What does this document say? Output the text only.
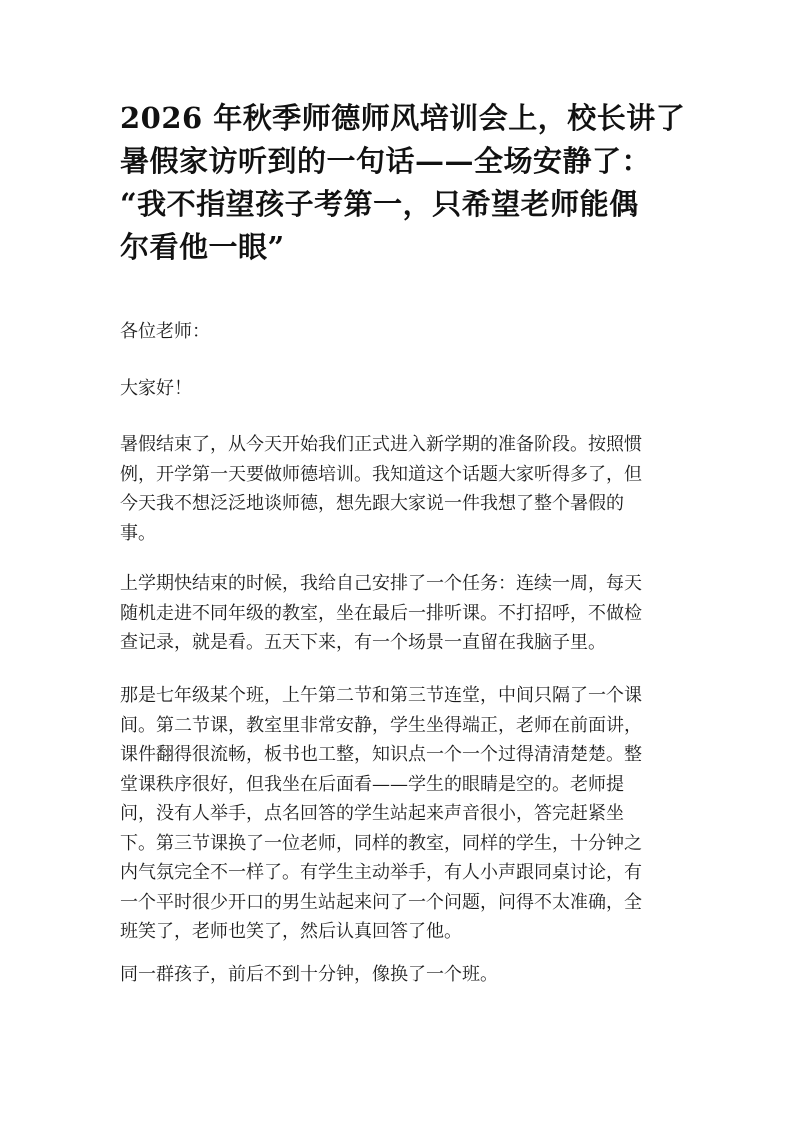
2026 年秋季师德师风培训会上，校长讲了
暑假家访听到的一句话——全场安静了：
“我不指望孩子考第一，只希望老师能偶
尔看他一眼”

各位老师：

大家好！

暑假结束了，从今天开始我们正式进入新学期的准备阶段。按照惯
例，开学第一天要做师德培训。我知道这个话题大家听得多了，但
今天我不想泛泛地谈师德，想先跟大家说一件我想了整个暑假的
事。

上学期快结束的时候，我给自己安排了一个任务：连续一周，每天
随机走进不同年级的教室，坐在最后一排听课。不打招呼，不做检
查记录，就是看。五天下来，有一个场景一直留在我脑子里。

那是七年级某个班，上午第二节和第三节连堂，中间只隔了一个课
间。第二节课，教室里非常安静，学生坐得端正，老师在前面讲，
课件翻得很流畅，板书也工整，知识点一个一个过得清清楚楚。整
堂课秩序很好，但我坐在后面看——学生的眼睛是空的。老师提
问，没有人举手，点名回答的学生站起来声音很小，答完赶紧坐
下。第三节课换了一位老师，同样的教室，同样的学生，十分钟之
内气氛完全不一样了。有学生主动举手，有人小声跟同桌讨论，有
一个平时很少开口的男生站起来问了一个问题，问得不太准确，全
班笑了，老师也笑了，然后认真回答了他。

同一群孩子，前后不到十分钟，像换了一个班。
